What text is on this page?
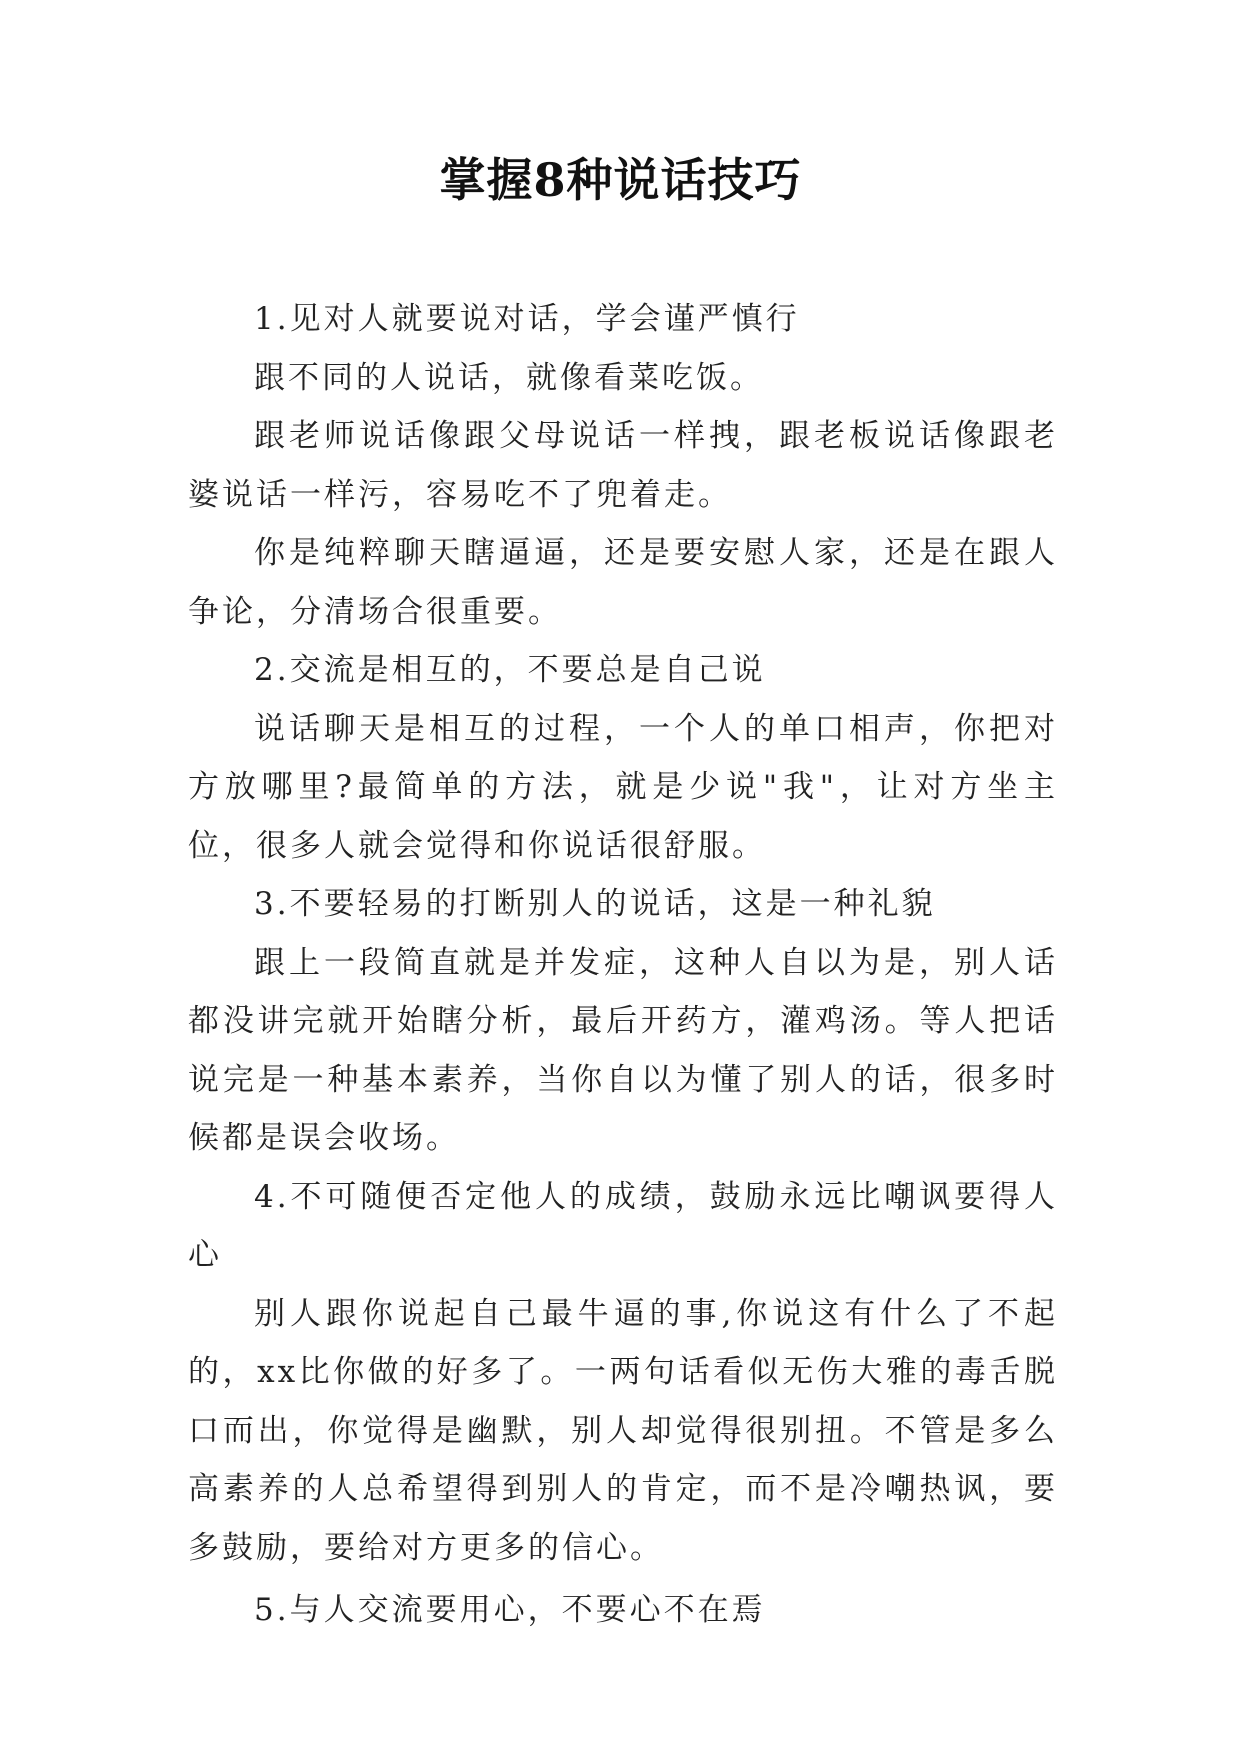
掌握8种说话技巧

1.见对人就要说对话，学会谨严慎行

跟不同的人说话，就像看菜吃饭。

跟老师说话像跟父母说话一样拽，跟老板说话像跟老婆说话一样污，容易吃不了兜着走。

你是纯粹聊天瞎逼逼，还是要安慰人家，还是在跟人争论，分清场合很重要。

2.交流是相互的，不要总是自己说

说话聊天是相互的过程，一个人的单口相声，你把对方放哪里?最简单的方法，就是少说"我"，让对方坐主位，很多人就会觉得和你说话很舒服。

3.不要轻易的打断别人的说话，这是一种礼貌

跟上一段简直就是并发症，这种人自以为是，别人话都没讲完就开始瞎分析，最后开药方，灌鸡汤。等人把话说完是一种基本素养，当你自以为懂了别人的话，很多时候都是误会收场。

4.不可随便否定他人的成绩，鼓励永远比嘲讽要得人心

别人跟你说起自己最牛逼的事,你说这有什么了不起的，xx比你做的好多了。一两句话看似无伤大雅的毒舌脱口而出，你觉得是幽默，别人却觉得很别扭。不管是多么高素养的人总希望得到别人的肯定，而不是冷嘲热讽，要多鼓励，要给对方更多的信心。

5.与人交流要用心，不要心不在焉
